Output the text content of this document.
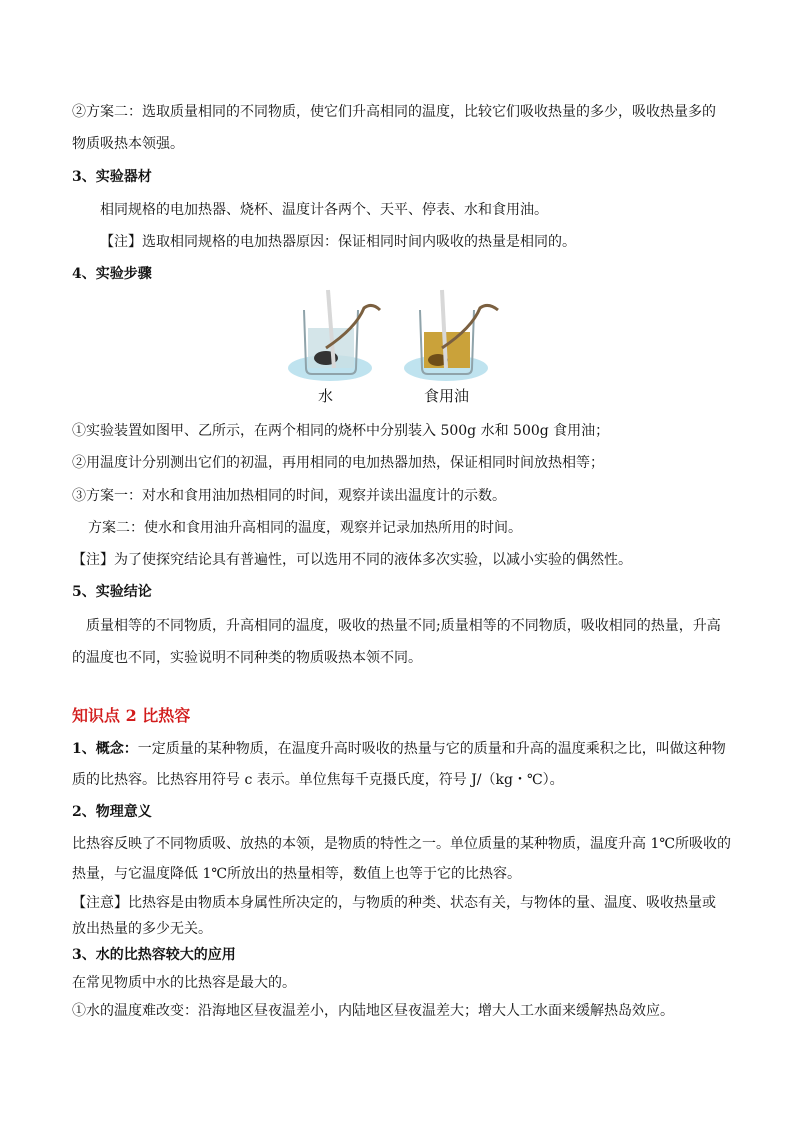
②方案二：选取质量相同的不同物质，使它们升高相同的温度，比较它们吸收热量的多少，吸收热量多的
物质吸热本领强。
3、实验器材
相同规格的电加热器、烧杯、温度计各两个、天平、停表、水和食用油。
【注】选取相同规格的电加热器原因：保证相同时间内吸收的热量是相同的。
4、实验步骤
水	食用油
①实验装置如图甲、乙所示，在两个相同的烧杯中分别装入 500g 水和 500g 食用油；
②用温度计分别测出它们的初温，再用相同的电加热器加热，保证相同时间放热相等；
③方案一：对水和食用油加热相同的时间，观察并读出温度计的示数。
方案二：使水和食用油升高相同的温度，观察并记录加热所用的时间。
【注】为了使探究结论具有普遍性，可以选用不同的液体多次实验，以减小实验的偶然性。
5、实验结论
质量相等的不同物质，升高相同的温度，吸收的热量不同;质量相等的不同物质，吸收相同的热量，升高
的温度也不同，实验说明不同种类的物质吸热本领不同。
知识点 2 比热容
1、概念：一定质量的某种物质，在温度升高时吸收的热量与它的质量和升高的温度乘积之比，叫做这种物
质的比热容。比热容用符号 c 表示。单位焦每千克摄氏度，符号 J/（kg・℃）。
2、物理意义
比热容反映了不同物质吸、放热的本领，是物质的特性之一。单位质量的某种物质，温度升高 1℃所吸收的
热量，与它温度降低 1℃所放出的热量相等，数值上也等于它的比热容。
【注意】比热容是由物质本身属性所决定的，与物质的种类、状态有关，与物体的量、温度、吸收热量或
放出热量的多少无关。
3、水的比热容较大的应用
在常见物质中水的比热容是最大的。
①水的温度难改变：沿海地区昼夜温差小，内陆地区昼夜温差大；增大人工水面来缓解热岛效应。
